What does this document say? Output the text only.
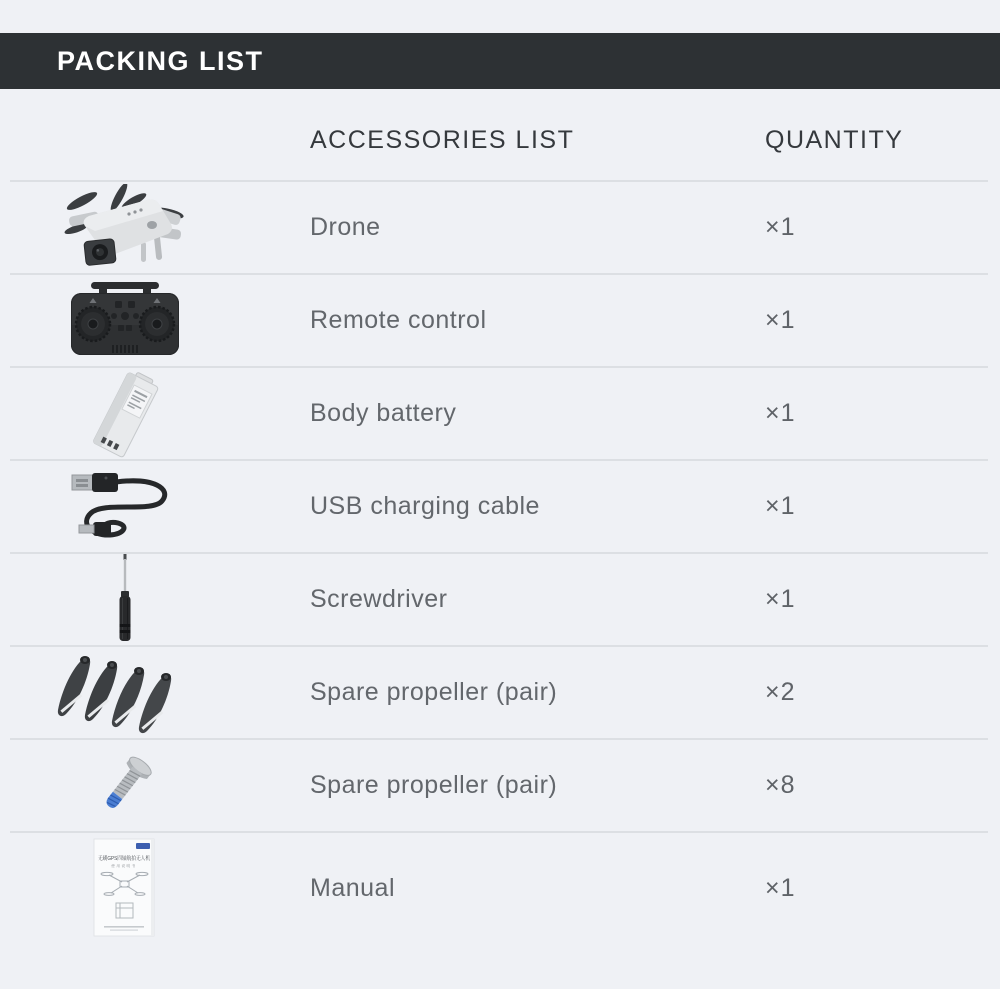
PACKING LIST
ACCESSORIES LIST	QUANTITY
Drone	×1
Remote control	×1
Body battery	×1
USB charging cable	×1
Screwdriver	×1
Spare propeller (pair)	×2
Spare propeller (pair)	×8
无刷GPS四轴航拍无人机
使用说明书
Manual	×1
